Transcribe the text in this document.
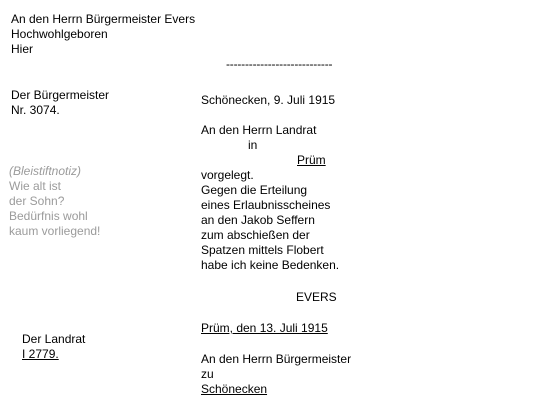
An den Herrn Bürgermeister Evers

Hochwohlgeboren

Hier

----------------------------

Der Bürgermeister

Nr. 3074.

(Bleistiftnotiz)

Wie alt ist

der Sohn?

Bedürfnis wohl

kaum vorliegend!

Schönecken, 9. Juli 1915

An den Herrn Landrat

in

Prüm

vorgelegt.

Gegen die Erteilung

eines Erlaubnisscheines

an den Jakob Seffern

zum abschießen der

Spatzen mittels Flobert

habe ich keine Bedenken.

EVERS

Prüm, den 13. Juli 1915

An den Herrn Bürgermeister

zu

Schönecken

Der Landrat

I 2779.
